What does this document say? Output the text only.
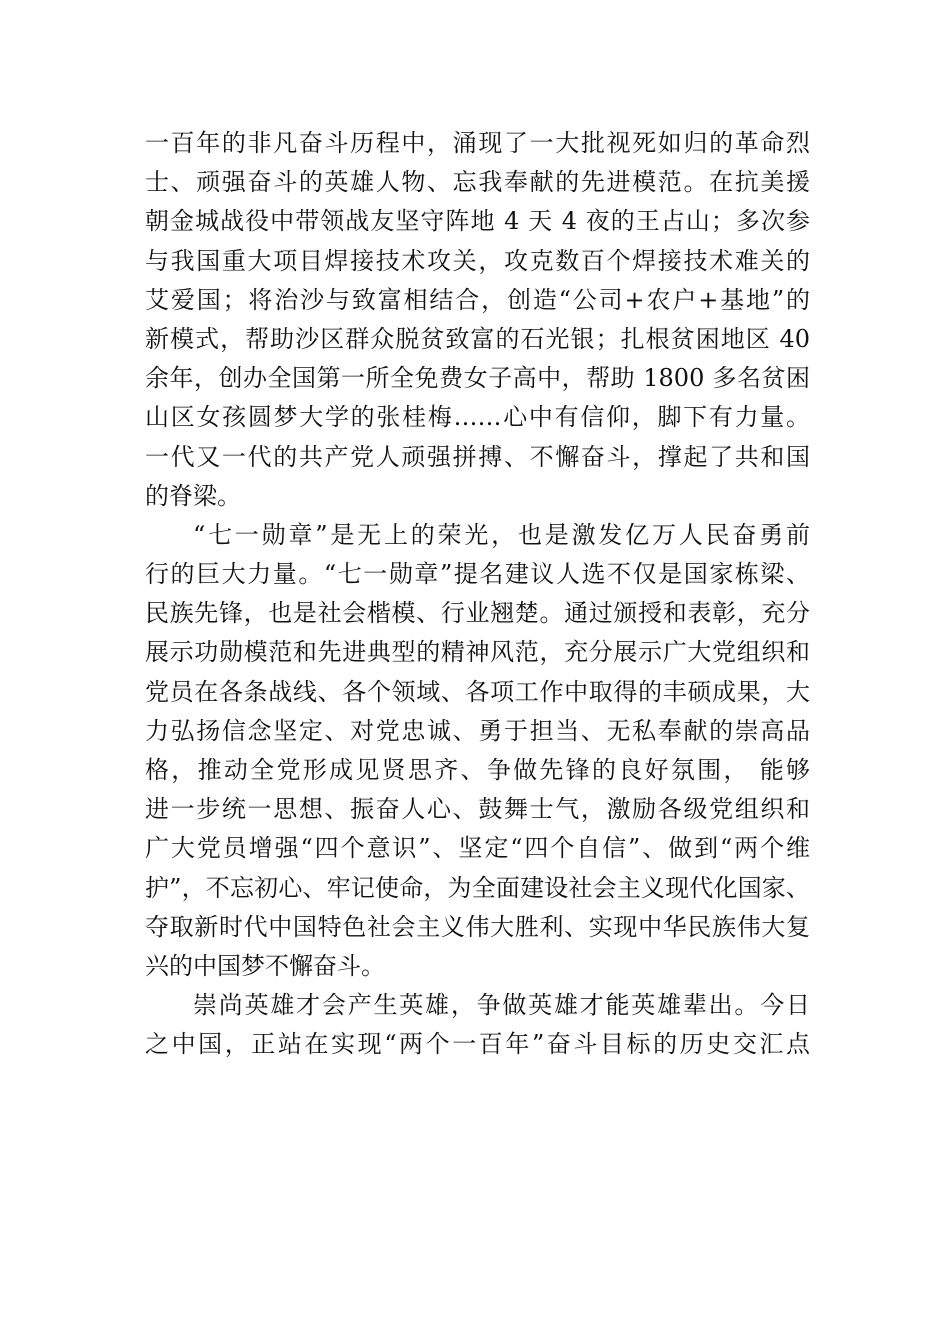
一百年的非凡奋斗历程中，涌现了一大批视死如归的革命烈
士、顽强奋斗的英雄人物、忘我奉献的先进模范。在抗美援
朝金城战役中带领战友坚守阵地 4 天 4 夜的王占山；多次参
与我国重大项目焊接技术攻关，攻克数百个焊接技术难关的
艾爱国；将治沙与致富相结合，创造“公司+农户+基地”的
新模式，帮助沙区群众脱贫致富的石光银；扎根贫困地区 40
余年，创办全国第一所全免费女子高中，帮助 1800 多名贫困
山区女孩圆梦大学的张桂梅……心中有信仰，脚下有力量。
一代又一代的共产党人顽强拼搏、不懈奋斗，撑起了共和国
的脊梁。
“七一勋章”是无上的荣光，也是激发亿万人民奋勇前
行的巨大力量。“七一勋章”提名建议人选不仅是国家栋梁、
民族先锋，也是社会楷模、行业翘楚。通过颁授和表彰，充分
展示功勋模范和先进典型的精神风范，充分展示广大党组织和
党员在各条战线、各个领域、各项工作中取得的丰硕成果，大
力弘扬信念坚定、对党忠诚、勇于担当、无私奉献的崇高品
格，推动全党形成见贤思齐、争做先锋的良好氛围， 能够
进一步统一思想、振奋人心、鼓舞士气，激励各级党组织和
广大党员增强“四个意识”、坚定“四个自信”、做到“两个维
护”，不忘初心、牢记使命，为全面建设社会主义现代化国家、
夺取新时代中国特色社会主义伟大胜利、实现中华民族伟大复
兴的中国梦不懈奋斗。
崇尚英雄才会产生英雄，争做英雄才能英雄辈出。今日
之中国，正站在实现“两个一百年”奋斗目标的历史交汇点
